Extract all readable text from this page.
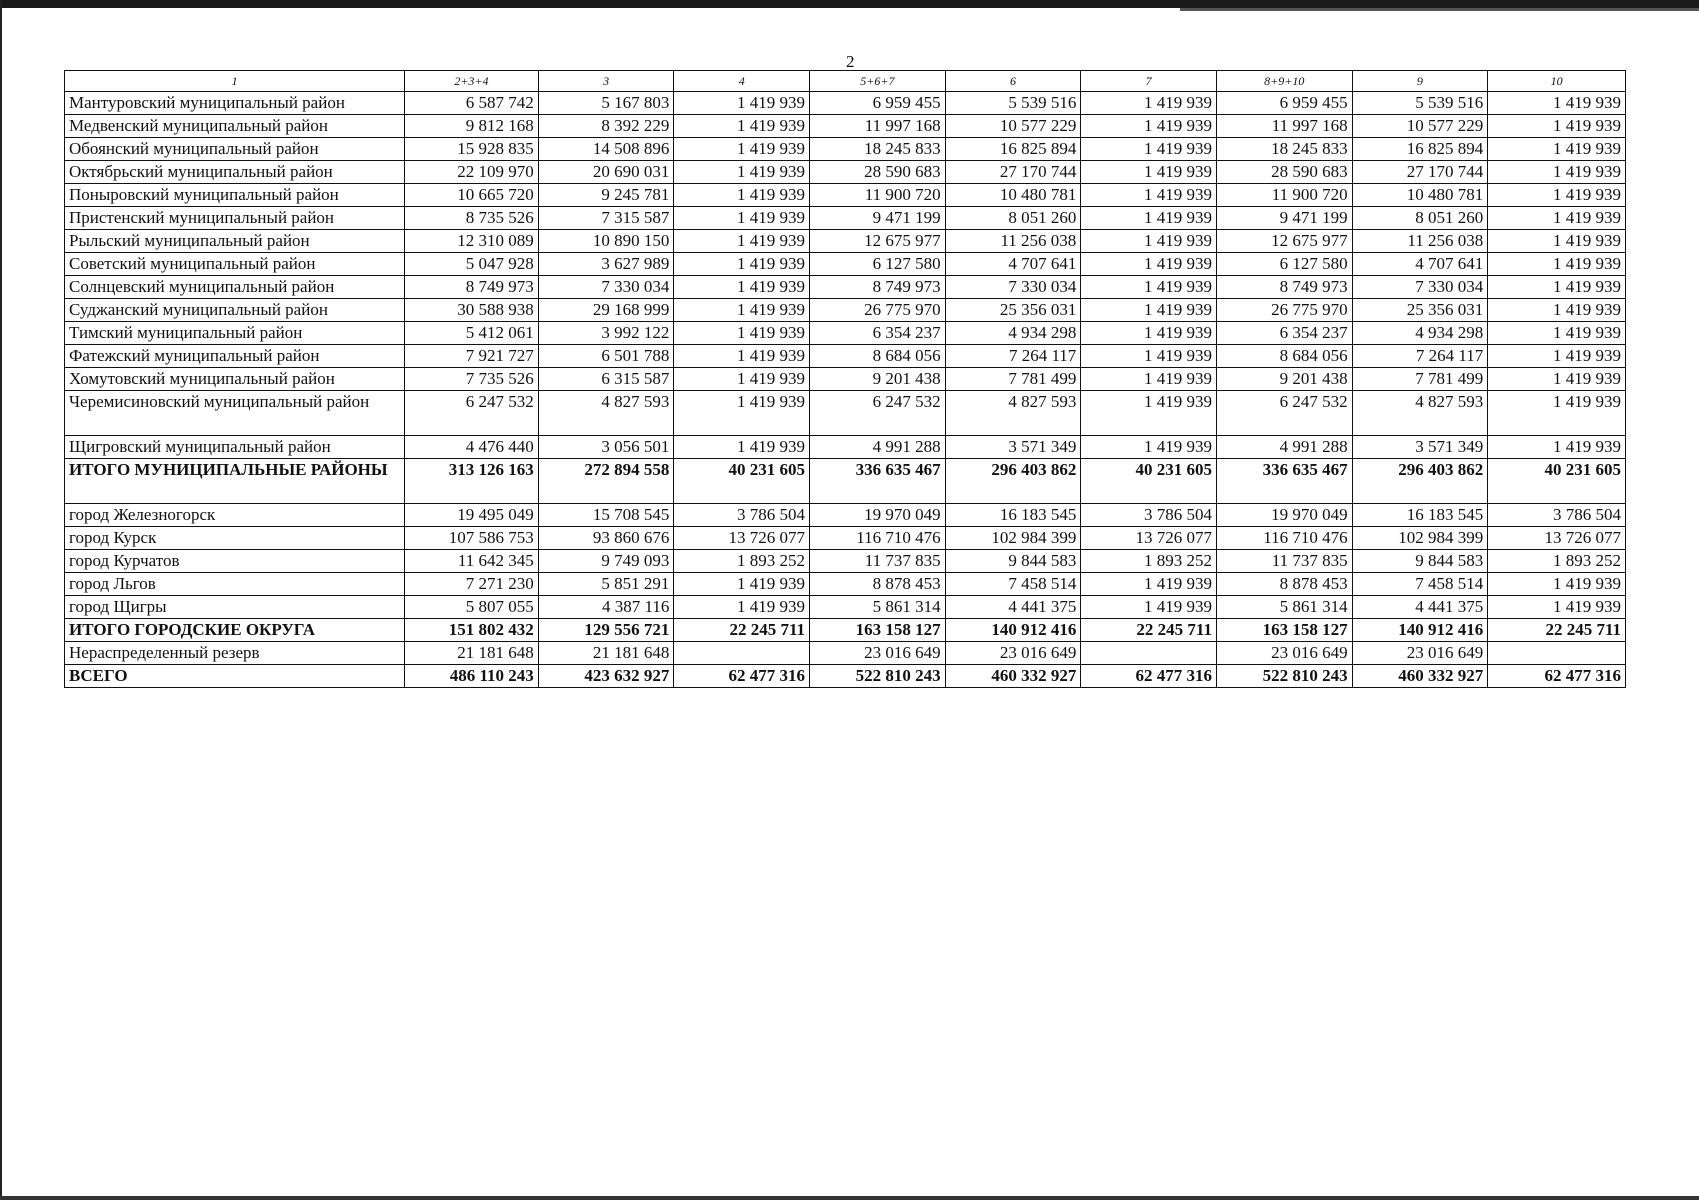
2
1	2+3+4	3	4	5+6+7	6	7	8+9+10	9	10
Мантуровский муниципальный район	6 587 742	5 167 803	1 419 939	6 959 455	5 539 516	1 419 939	6 959 455	5 539 516	1 419 939
Медвенский муниципальный район	9 812 168	8 392 229	1 419 939	11 997 168	10 577 229	1 419 939	11 997 168	10 577 229	1 419 939
Обоянский муниципальный район	15 928 835	14 508 896	1 419 939	18 245 833	16 825 894	1 419 939	18 245 833	16 825 894	1 419 939
Октябрьский муниципальный район	22 109 970	20 690 031	1 419 939	28 590 683	27 170 744	1 419 939	28 590 683	27 170 744	1 419 939
Поныровский муниципальный район	10 665 720	9 245 781	1 419 939	11 900 720	10 480 781	1 419 939	11 900 720	10 480 781	1 419 939
Пристенский муниципальный район	8 735 526	7 315 587	1 419 939	9 471 199	8 051 260	1 419 939	9 471 199	8 051 260	1 419 939
Рыльский муниципальный район	12 310 089	10 890 150	1 419 939	12 675 977	11 256 038	1 419 939	12 675 977	11 256 038	1 419 939
Советский муниципальный район	5 047 928	3 627 989	1 419 939	6 127 580	4 707 641	1 419 939	6 127 580	4 707 641	1 419 939
Солнцевский муниципальный район	8 749 973	7 330 034	1 419 939	8 749 973	7 330 034	1 419 939	8 749 973	7 330 034	1 419 939
Суджанский муниципальный район	30 588 938	29 168 999	1 419 939	26 775 970	25 356 031	1 419 939	26 775 970	25 356 031	1 419 939
Тимский муниципальный район	5 412 061	3 992 122	1 419 939	6 354 237	4 934 298	1 419 939	6 354 237	4 934 298	1 419 939
Фатежский муниципальный район	7 921 727	6 501 788	1 419 939	8 684 056	7 264 117	1 419 939	8 684 056	7 264 117	1 419 939
Хомутовский муниципальный район	7 735 526	6 315 587	1 419 939	9 201 438	7 781 499	1 419 939	9 201 438	7 781 499	1 419 939
Черемисиновский муниципальный район	6 247 532	4 827 593	1 419 939	6 247 532	4 827 593	1 419 939	6 247 532	4 827 593	1 419 939
Щигровский муниципальный район	4 476 440	3 056 501	1 419 939	4 991 288	3 571 349	1 419 939	4 991 288	3 571 349	1 419 939
ИТОГО МУНИЦИПАЛЬНЫЕ РАЙОНЫ	313 126 163	272 894 558	40 231 605	336 635 467	296 403 862	40 231 605	336 635 467	296 403 862	40 231 605
город Железногорск	19 495 049	15 708 545	3 786 504	19 970 049	16 183 545	3 786 504	19 970 049	16 183 545	3 786 504
город Курск	107 586 753	93 860 676	13 726 077	116 710 476	102 984 399	13 726 077	116 710 476	102 984 399	13 726 077
город Курчатов	11 642 345	9 749 093	1 893 252	11 737 835	9 844 583	1 893 252	11 737 835	9 844 583	1 893 252
город Льгов	7 271 230	5 851 291	1 419 939	8 878 453	7 458 514	1 419 939	8 878 453	7 458 514	1 419 939
город Щигры	5 807 055	4 387 116	1 419 939	5 861 314	4 441 375	1 419 939	5 861 314	4 441 375	1 419 939
ИТОГО ГОРОДСКИЕ ОКРУГА	151 802 432	129 556 721	22 245 711	163 158 127	140 912 416	22 245 711	163 158 127	140 912 416	22 245 711
Нераспределенный резерв	21 181 648	21 181 648		23 016 649	23 016 649		23 016 649	23 016 649	
ВСЕГО	486 110 243	423 632 927	62 477 316	522 810 243	460 332 927	62 477 316	522 810 243	460 332 927	62 477 316
